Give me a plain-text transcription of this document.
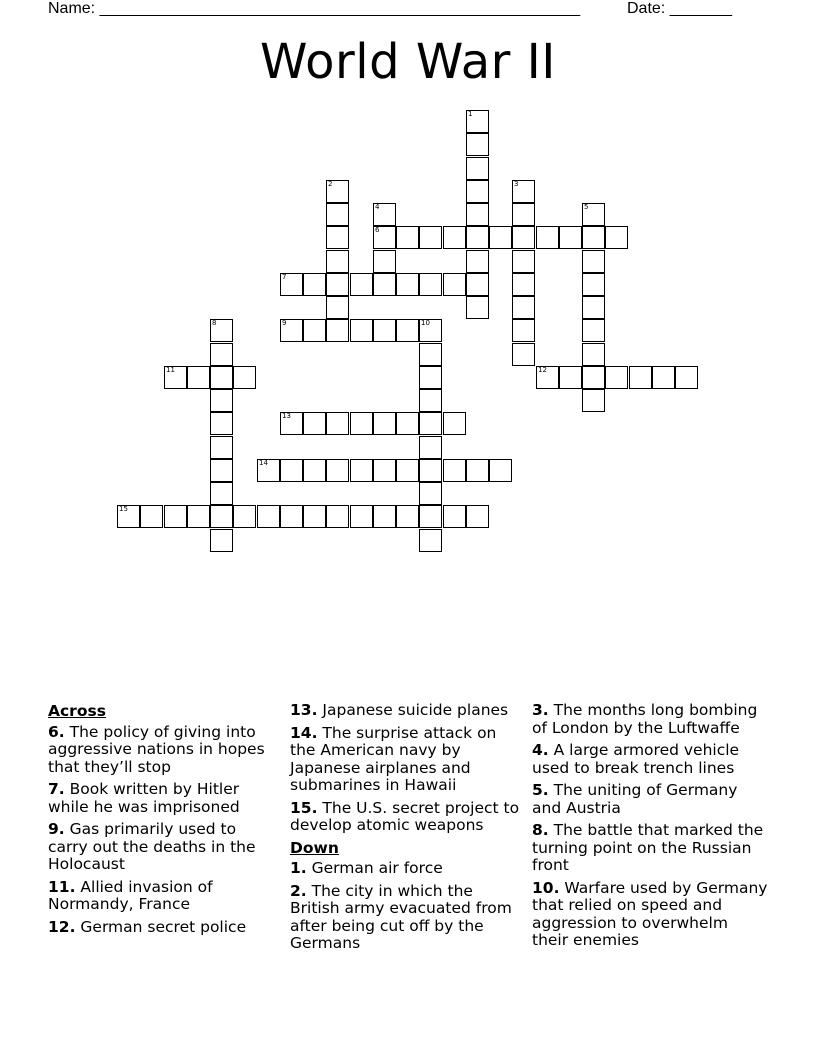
Name: ______________________________________________________	Date: _______
World War II
1
2	3
4
6
5
7
8	9	10
11	12
13
14
15
Across
6. The policy of giving into aggressive nations in hopes that they’ll stop
7. Book written by Hitler while he was imprisoned
9. Gas primarily used to carry out the deaths in the Holocaust
11. Allied invasion of Normandy, France
12. German secret police
13. Japanese suicide planes
14. The surprise attack on the American navy by Japanese airplanes and submarines in Hawaii
15. The U.S. secret project to develop atomic weapons
Down
1. German air force
2. The city in which the British army evacuated from after being cut off by the Germans
3. The months long bombing of London by the Luftwaffe
4. A large armored vehicle used to break trench lines
5. The uniting of Germany and Austria
8. The battle that marked the turning point on the Russian front
10. Warfare used by Germany that relied on speed and aggression to overwhelm their enemies
